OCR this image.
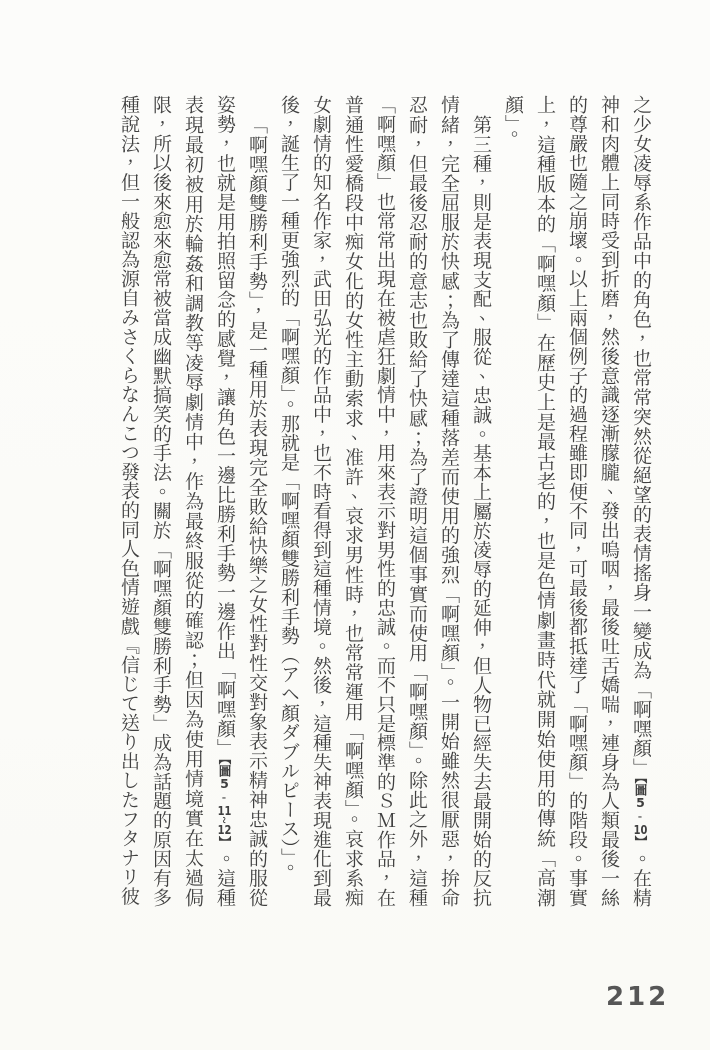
之少女凌辱系作品中的角色，也常常突然從絕望的表情搖身一變成為「啊嘿顏」【圖5-10】。在精神和肉體上同時受到折磨，然後意識逐漸朦朧、發出嗚咽，最後吐舌嬌喘，連身為人類最後一絲的尊嚴也隨之崩壞。以上兩個例子的過程雖即便不同，可最後都抵達了「啊嘿顏」的階段。事實上，這種版本的「啊嘿顏」在歷史上是最古老的，也是色情劇畫時代就開始使用的傳統「高潮顏」。

第三種，則是表現支配、服從、忠誠。基本上屬於凌辱的延伸，但人物已經失去最開始的反抗情緒，完全屈服於快感；為了傳達這種落差而使用的強烈「啊嘿顏」。一開始雖然很厭惡，拚命忍耐，但最後忍耐的意志也敗給了快感；為了證明這個事實而使用「啊嘿顏」。除此之外，這種「啊嘿顏」也常常出現在被虐狂劇情中，用來表示對男性的忠誠。而不只是標準的ＳＭ作品，在普通性愛橋段中痴女化的女性主動索求、准許、哀求男性時，也常常運用「啊嘿顏」。哀求系痴女劇情的知名作家，武田弘光的作品中，也不時看得到這種情境。然後，這種失神表現進化到最後，誕生了一種更強烈的「啊嘿顏」。那就是「啊嘿顏雙勝利手勢（アヘ顏ダブルピース）」。

「啊嘿顏雙勝利手勢」，是一種用於表現完全敗給快樂之女性對性交對象表示精神忠誠的服從姿勢，也就是用拍照留念的感覺，讓角色一邊比勝利手勢一邊作出「啊嘿顏」【圖5-11~12】。這種表現最初被用於輪姦和調教等凌辱劇情中，作為最終服從的確認；但因為使用情境實在太過侷限，所以後來愈來愈常被當成幽默搞笑的手法。關於「啊嘿顏雙勝利手勢」成為話題的原因有多種說法，但一般認為源自みさくらなんこつ發表的同人色情遊戲『信じて送り出したフタナリ彼

212
